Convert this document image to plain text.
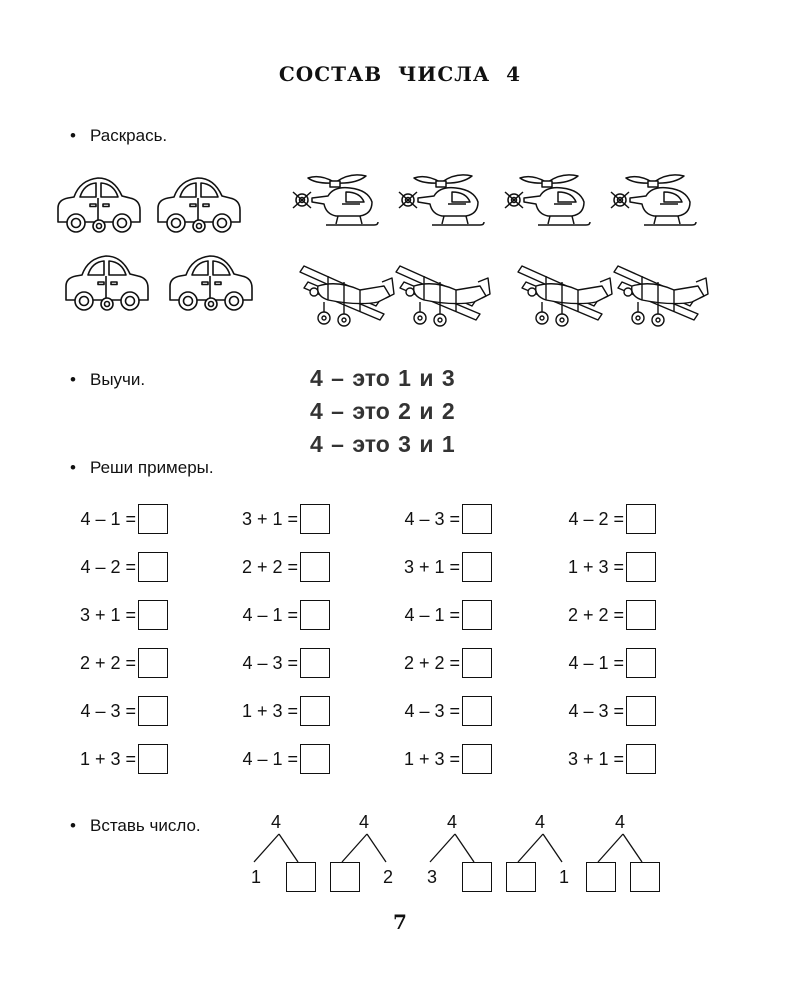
СОСТАВ ЧИСЛА 4
• Раскрась.
• Выучи.	4 – это 1 и 3
4 – это 2 и 2
4 – это 3 и 1
• Реши примеры.
4 – 1 =	3 + 1 =	4 – 3 =	4 – 2 =
4 – 2 =	2 + 2 =	3 + 1 =	1 + 3 =
3 + 1 =	4 – 1 =	4 – 1 =	2 + 2 =
2 + 2 =	4 – 3 =	2 + 2 =	4 – 1 =
4 – 3 =	1 + 3 =	4 – 3 =	4 – 3 =
1 + 3 =	4 – 1 =	1 + 3 =	3 + 1 =
• Вставь число.	4
1
4
2
4
3
4
1
4
7
